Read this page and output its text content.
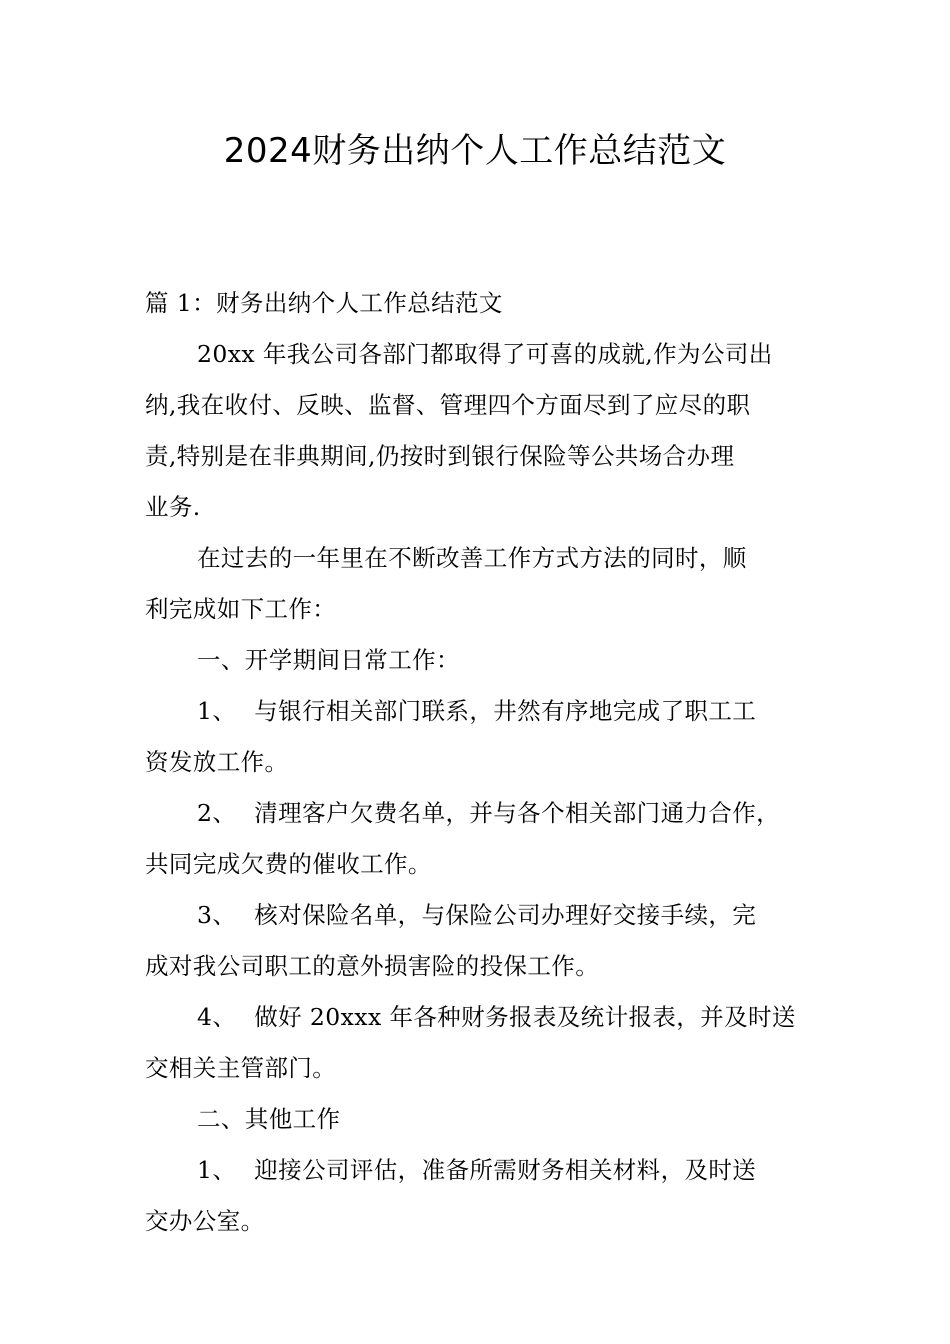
2024财务出纳个人工作总结范文

篇 1：财务出纳个人工作总结范文

20xx 年我公司各部门都取得了可喜的成就,作为公司出

纳,我在收付、反映、监督、管理四个方面尽到了应尽的职

责,特别是在非典期间,仍按时到银行保险等公共场合办理

业务.

在过去的一年里在不断改善工作方式方法的同时，顺

利完成如下工作：

一、开学期间日常工作：

1、 与银行相关部门联系，井然有序地完成了职工工

资发放工作。

2、 清理客户欠费名单，并与各个相关部门通力合作，

共同完成欠费的催收工作。

3、 核对保险名单，与保险公司办理好交接手续，完

成对我公司职工的意外损害险的投保工作。

4、 做好 20xxx 年各种财务报表及统计报表，并及时送

交相关主管部门。

二、其他工作

1、 迎接公司评估，准备所需财务相关材料，及时送

交办公室。
